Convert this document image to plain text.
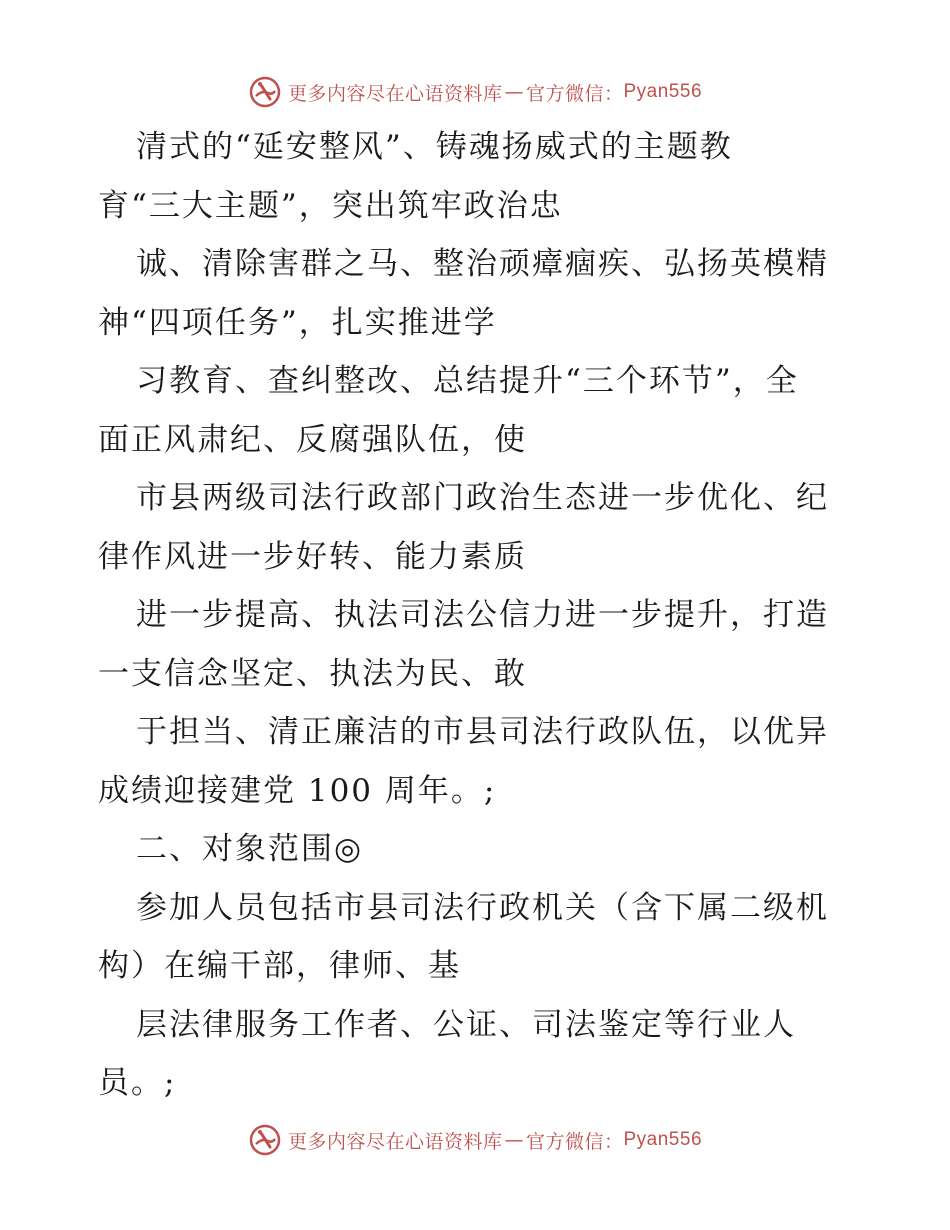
更多内容尽在心语资料库 — 官方微信： Pyan556
清式的“延安整风”、铸魂扬威式的主题教
育“三大主题”，突出筑牢政治忠
诚、清除害群之马、整治顽瘴痼疾、弘扬英模精
神“四项任务”，扎实推进学
习教育、查纠整改、总结提升“三个环节”，全
面正风肃纪、反腐强队伍，使
市县两级司法行政部门政治生态进一步优化、纪
律作风进一步好转、能力素质
进一步提高、执法司法公信力进一步提升，打造
一支信念坚定、执法为民、敢
于担当、清正廉洁的市县司法行政队伍，以优异
成绩迎接建党 100 周年。;
二、对象范围◎
参加人员包括市县司法行政机关（含下属二级机
构）在编干部，律师、基
层法律服务工作者、公证、司法鉴定等行业人
员。;
更多内容尽在心语资料库 — 官方微信： Pyan556
